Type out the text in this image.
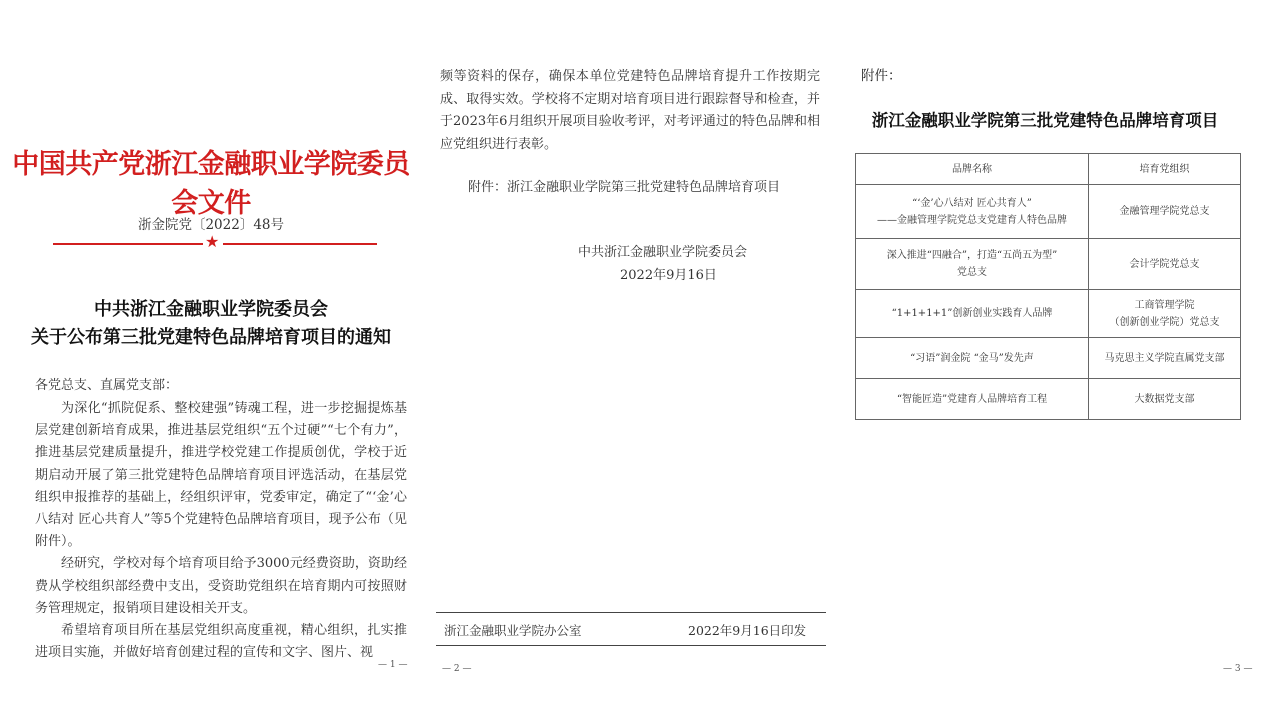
中国共产党浙江金融职业学院委员会文件
浙金院党〔2022〕48号
★
中共浙江金融职业学院委员会
关于公布第三批党建特色品牌培育项目的通知
各党总支、直属党支部：

为深化“抓院促系、整校建强”铸魂工程，进一步挖掘提炼基层党建创新培育成果，推进基层党组织“五个过硬”“七个有力”，推进基层党建质量提升，推进学校党建工作提质创优，学校于近期启动开展了第三批党建特色品牌培育项目评选活动，在基层党组织申报推荐的基础上，经组织评审，党委审定，确定了“‘金’心八结对 匠心共育人”等5个党建特色品牌培育项目，现予公布（见附件）。

经研究，学校对每个培育项目给予3000元经费资助，资助经费从学校组织部经费中支出，受资助党组织在培育期内可按照财务管理规定，报销项目建设相关开支。

希望培育项目所在基层党组织高度重视，精心组织，扎实推进项目实施，并做好培育创建过程的宣传和文字、图片、视

— 1 —

频等资料的保存，确保本单位党建特色品牌培育提升工作按期完成、取得实效。学校将不定期对培育项目进行跟踪督导和检查，并于2023年6月组织开展项目验收考评，对考评通过的特色品牌和相应党组织进行表彰。

附件：浙江金融职业学院第三批党建特色品牌培育项目
中共浙江金融职业学院委员会
2022年9月16日
浙江金融职业学院办公室	2022年9月16日印发
— 2 —
附件：
浙江金融职业学院第三批党建特色品牌培育项目
品牌名称	培育党组织

“‘金’心八结对 匠心共育人”
——金融管理学院党总支党建育人特色品牌	金融管理学院党总支

深入推进“四融合”，打造“五尚五为型”
党总支	会计学院党总支

“1+1+1+1”创新创业实践育人品牌	工商管理学院
（创新创业学院）党总支

“习语”润金院 “金马”发先声	马克思主义学院直属党支部

“智能匠造”党建育人品牌培育工程	大数据党支部
— 3 —
